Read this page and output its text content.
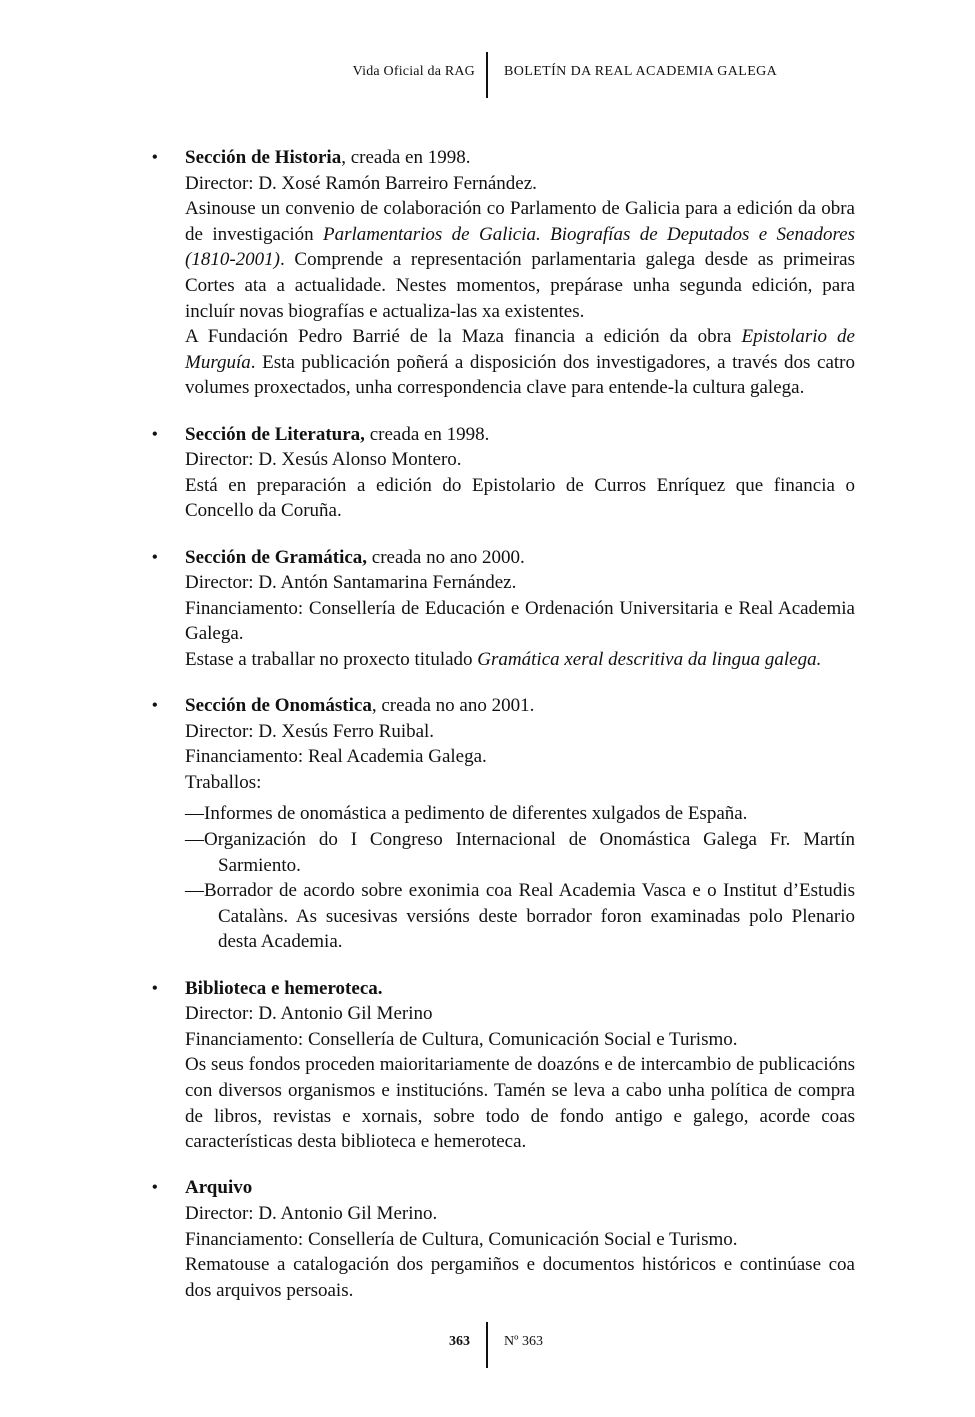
Vida Oficial da RAG BOLETÍN DA REAL ACADEMIA GALEGA
• Sección de Historia, creada en 1998.
Director: D. Xosé Ramón Barreiro Fernández.
Asinouse un convenio de colaboración co Parlamento de Galicia para a edición da obra de investigación Parlamentarios de Galicia. Biografías de Deputados e Senadores (1810-2001). Comprende a representación parlamentaria galega desde as primeiras Cortes ata a actualidade. Nestes momentos, prepárase unha segunda edición, para incluír novas biografías e actualiza-las xa existentes.
A Fundación Pedro Barrié de la Maza financia a edición da obra Epistolario de Murguía. Esta publicación poñerá a disposición dos investigadores, a través dos catro volumes proxectados, unha correspondencia clave para entende-la cultura galega.
• Sección de Literatura, creada en 1998.
Director: D. Xesús Alonso Montero.
Está en preparación a edición do Epistolario de Curros Enríquez que financia o Concello da Coruña.
• Sección de Gramática, creada no ano 2000.
Director: D. Antón Santamarina Fernández.
Financiamento: Consellería de Educación e Ordenación Universitaria e Real Academia Galega.
Estase a traballar no proxecto titulado Gramática xeral descritiva da lingua galega.
• Sección de Onomástica, creada no ano 2001.
Director: D. Xesús Ferro Ruibal.
Financiamento: Real Academia Galega.
Traballos:
—Informes de onomástica a pedimento de diferentes xulgados de España.
—Organización do I Congreso Internacional de Onomástica Galega Fr. Martín Sarmiento.
—Borrador de acordo sobre exonimia coa Real Academia Vasca e o Institut d’Estudis Catalàns. As sucesivas versións deste borrador foron examinadas polo Plenario desta Academia.
• Biblioteca e hemeroteca.
Director: D. Antonio Gil Merino
Financiamento: Consellería de Cultura, Comunicación Social e Turismo.
Os seus fondos proceden maioritariamente de doazóns e de intercambio de publicacións con diversos organismos e institucións. Tamén se leva a cabo unha política de compra de libros, revistas e xornais, sobre todo de fondo antigo e galego, acorde coas características desta biblioteca e hemeroteca.
• Arquivo
Director: D. Antonio Gil Merino.
Financiamento: Consellería de Cultura, Comunicación Social e Turismo.
Rematouse a catalogación dos pergamiños e documentos históricos e continúase coa dos arquivos persoais.
363 Nº 363
